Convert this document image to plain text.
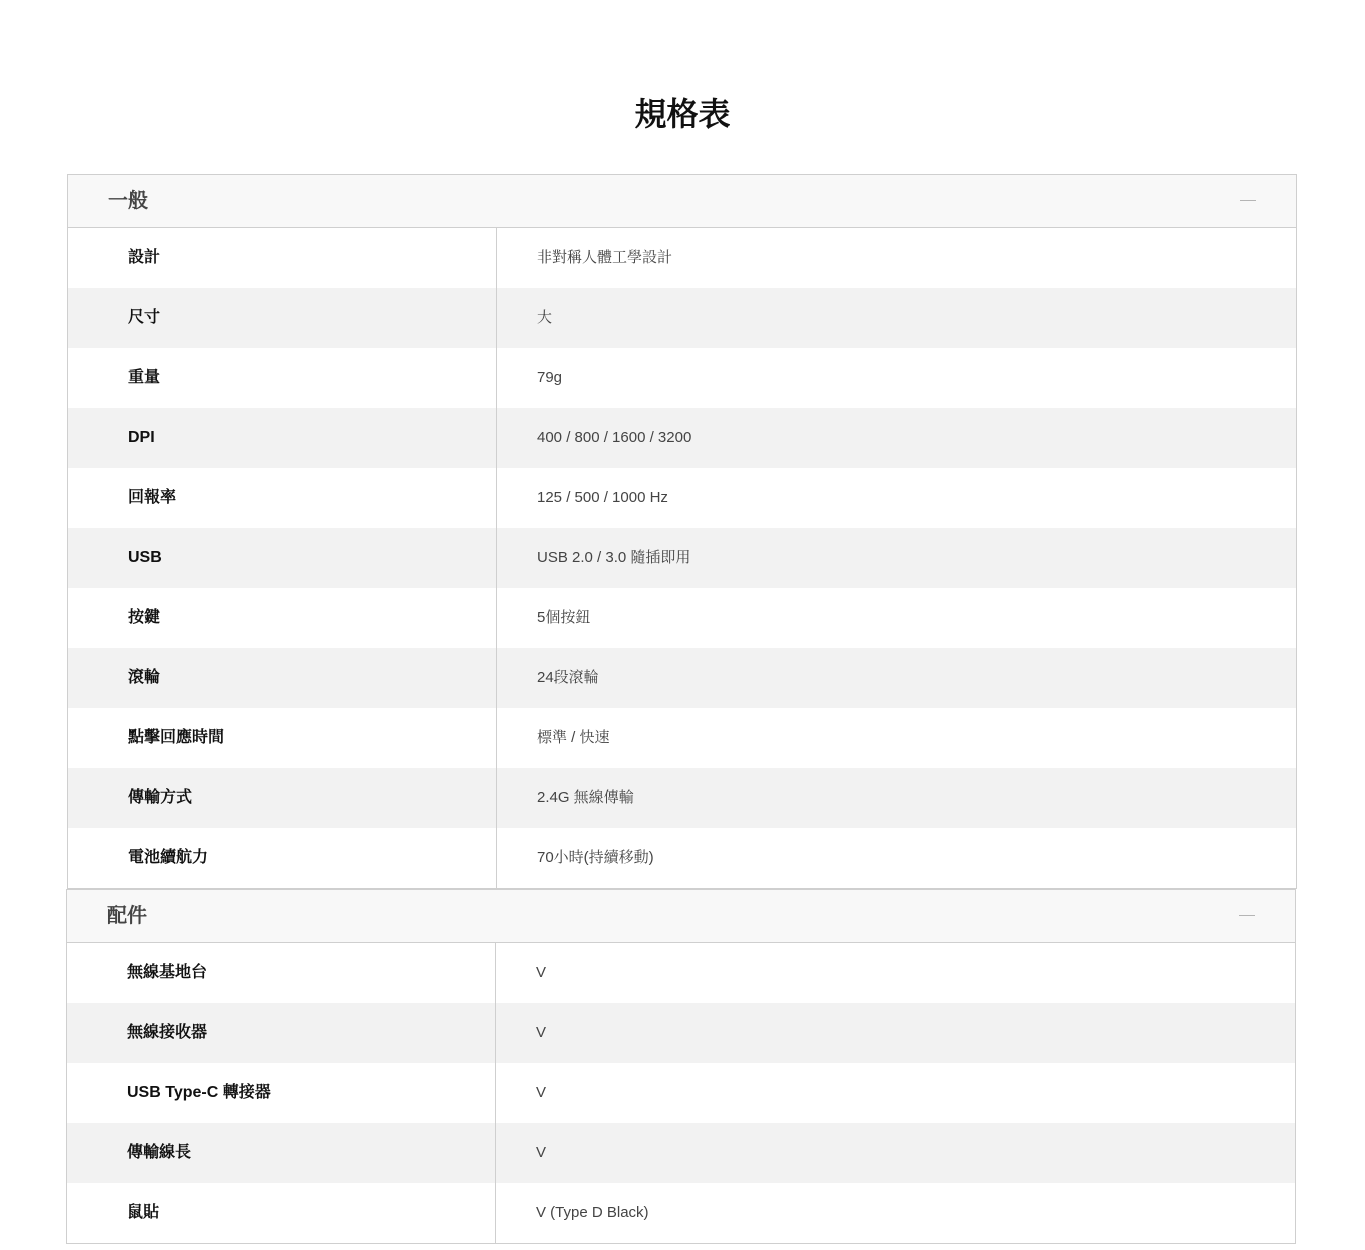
規格表
一般
設計	非對稱人體工學設計
尺寸	大
重量	79g
DPI	400 / 800 / 1600 / 3200
回報率	125 / 500 / 1000 Hz
USB	USB 2.0 / 3.0 隨插即用
按鍵	5個按鈕
滾輪	24段滾輪
點擊回應時間	標準 / 快速
傳輸方式	2.4G 無線傳輸
電池續航力	70小時(持續移動)
配件
無線基地台	V
無線接收器	V
USB Type-C 轉接器	V
傳輸線長	V
鼠貼	V (Type D Black)
